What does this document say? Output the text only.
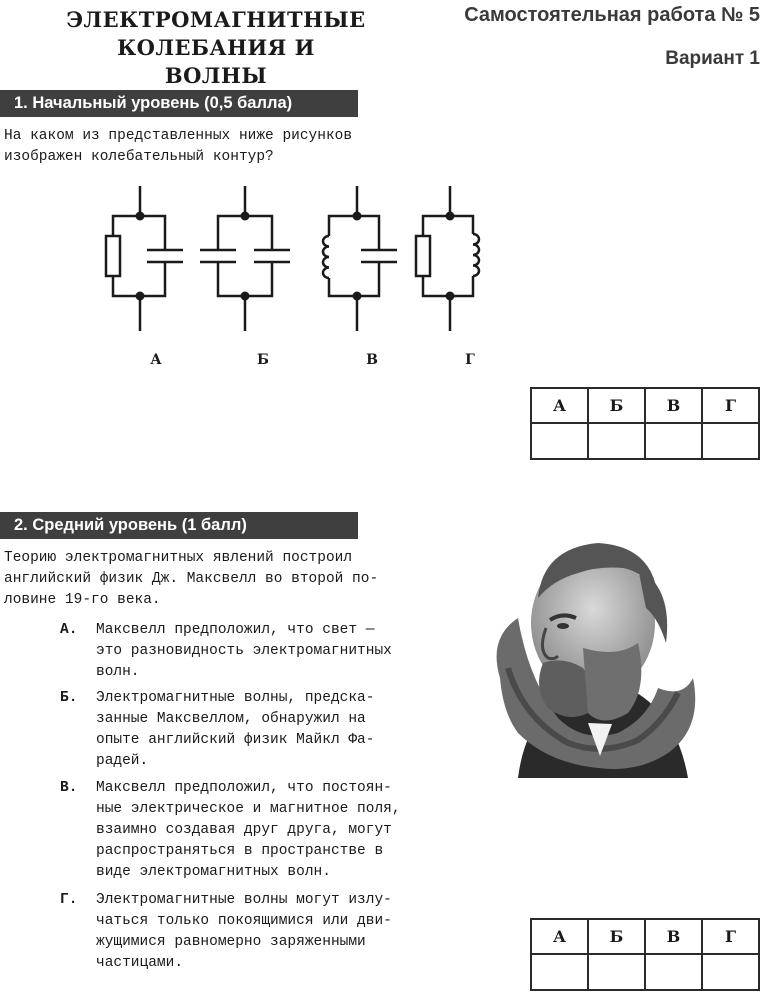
ЭЛЕКТРОМАГНИТНЫЕ
КОЛЕБАНИЯ И ВОЛНЫ
Самостоятельная работа № 5
Вариант 1
1. Начальный уровень (0,5 балла)
На каком из представленных ниже рисунков
изображен колебательный контур?
А	Б	В	Г
А	Б	В	Г

2. Средний уровень (1 балл)
Теорию электромагнитных явлений построил
английский физик Дж. Максвелл во второй по-
ловине 19-го века.
А.	Максвелл предположил, что свет —
это разновидность электромагнитных
волн.
Б.	Электромагнитные волны, предска-
занные Максвеллом, обнаружил на
опыте английский физик Майкл Фа-
радей.
В.	Максвелл предположил, что постоян-
ные электрическое и магнитное поля,
взаимно создавая друг друга, могут
распространяться в пространстве в
виде электромагнитных волн.
Г.	Электромагнитные волны могут излу-
чаться только покоящимися или дви-
жущимися равномерно заряженными
частицами.
А	Б	В	Г
